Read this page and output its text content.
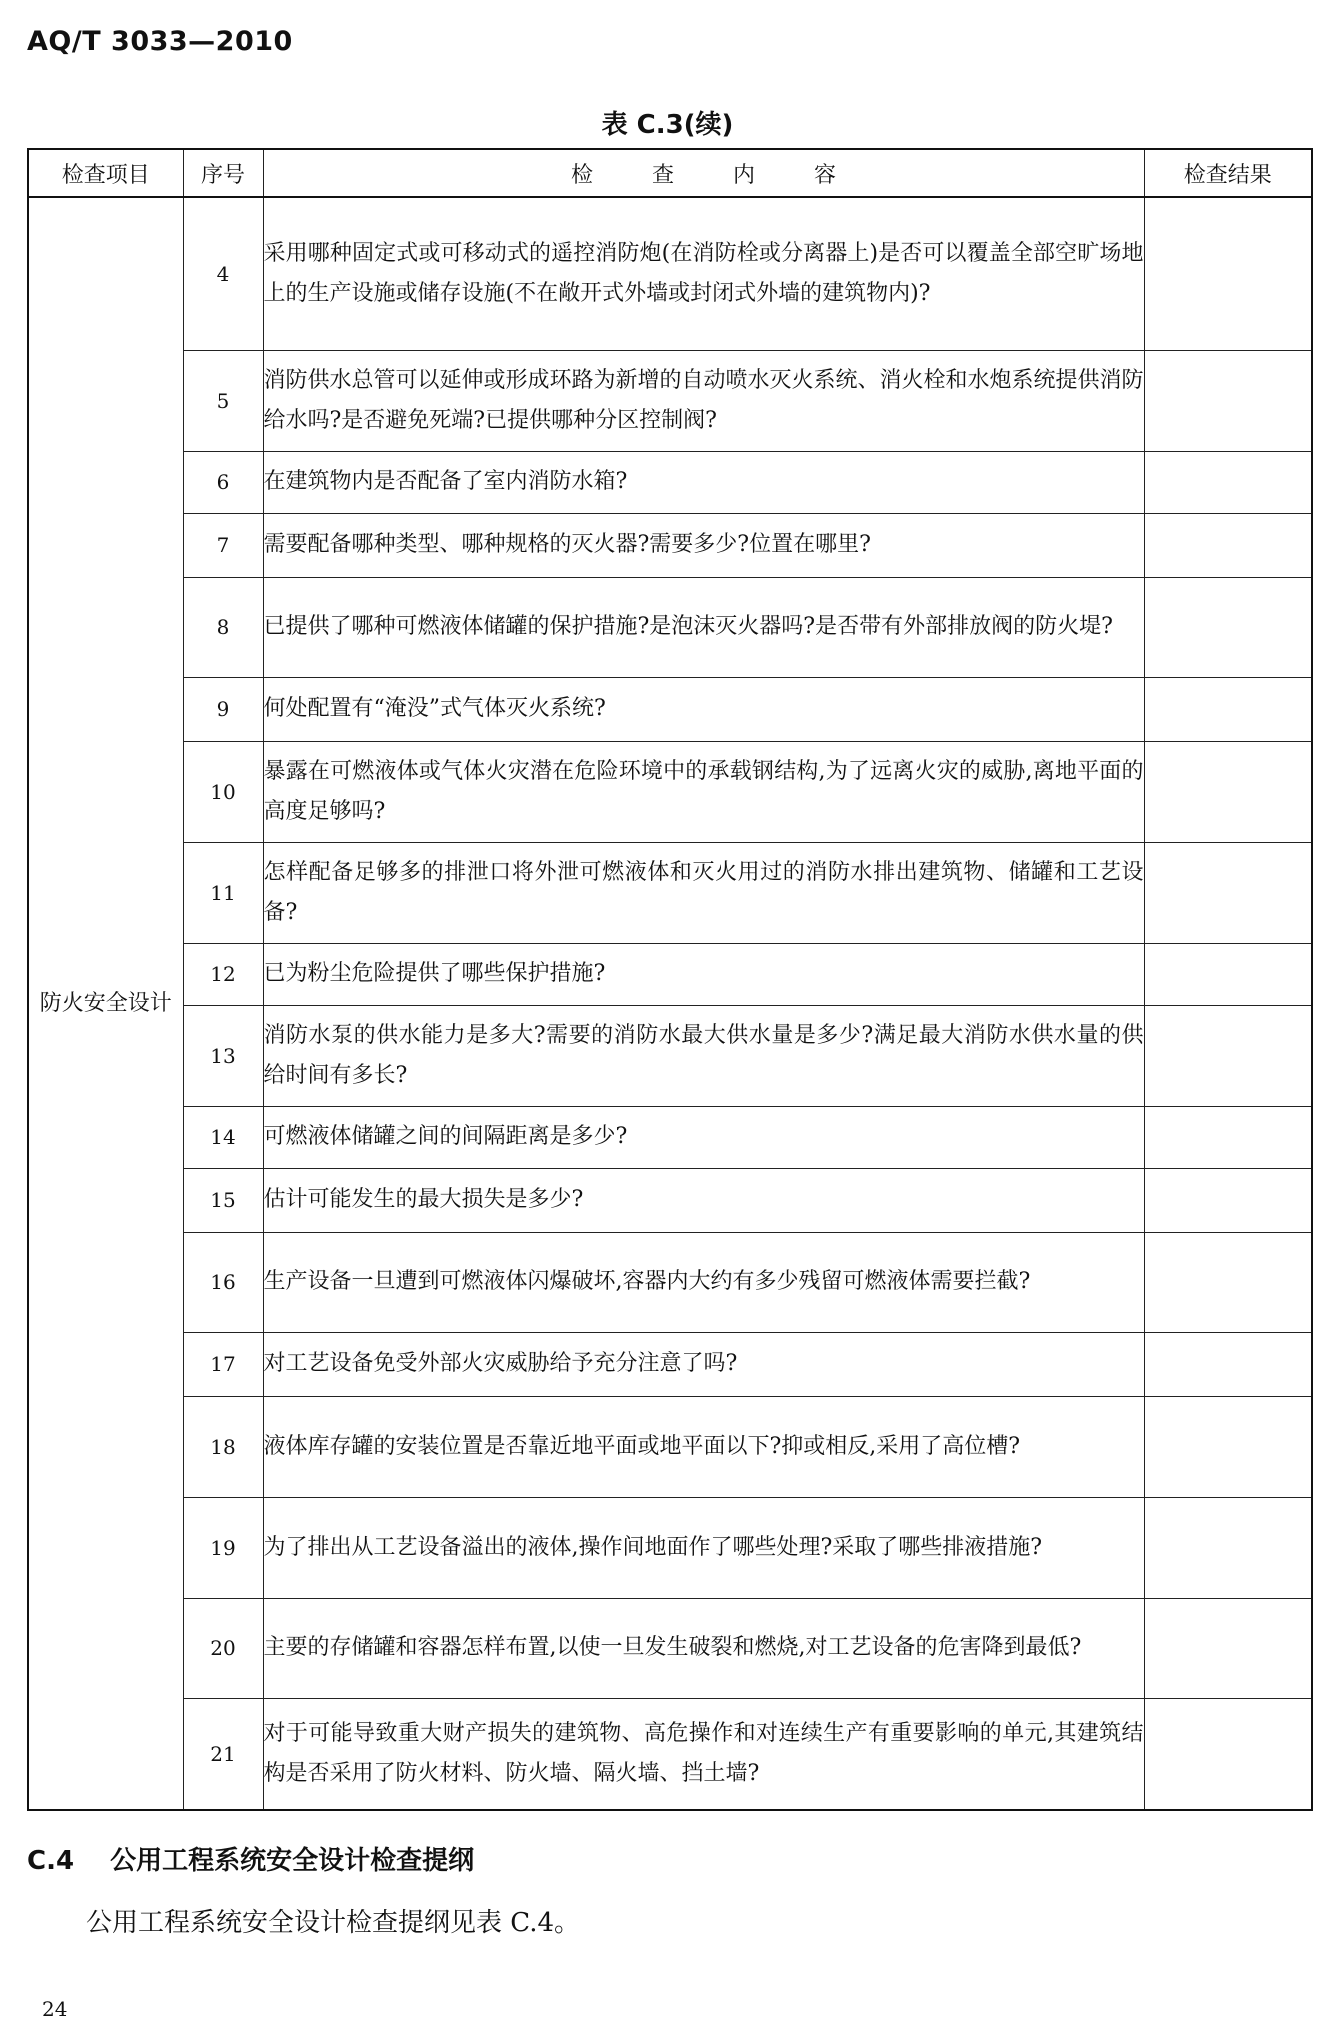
AQ/T 3033—2010
表 C.3(续)
检查项目	序号	检 查 内 容	检查结果
防火安全设计	4	采用哪种固定式或可移动式的遥控消防炮(在消防栓或分离器上)是否可以覆盖全部空旷场地上的生产设施或储存设施(不在敞开式外墙或封闭式外墙的建筑物内)?	
	5	消防供水总管可以延伸或形成环路为新增的自动喷水灭火系统、消火栓和水炮系统提供消防给水吗?是否避免死端?已提供哪种分区控制阀?	
	6	在建筑物内是否配备了室内消防水箱?	
	7	需要配备哪种类型、哪种规格的灭火器?需要多少?位置在哪里?	
	8	已提供了哪种可燃液体储罐的保护措施?是泡沫灭火器吗?是否带有外部排放阀的防火堤?	
	9	何处配置有“淹没”式气体灭火系统?	
	10	暴露在可燃液体或气体火灾潜在危险环境中的承载钢结构,为了远离火灾的威胁,离地平面的高度足够吗?	
	11	怎样配备足够多的排泄口将外泄可燃液体和灭火用过的消防水排出建筑物、储罐和工艺设备?	
	12	已为粉尘危险提供了哪些保护措施?	
	13	消防水泵的供水能力是多大?需要的消防水最大供水量是多少?满足最大消防水供水量的供给时间有多长?	
	14	可燃液体储罐之间的间隔距离是多少?	
	15	估计可能发生的最大损失是多少?	
	16	生产设备一旦遭到可燃液体闪爆破坏,容器内大约有多少残留可燃液体需要拦截?	
	17	对工艺设备免受外部火灾威胁给予充分注意了吗?	
	18	液体库存罐的安装位置是否靠近地平面或地平面以下?抑或相反,采用了高位槽?	
	19	为了排出从工艺设备溢出的液体,操作间地面作了哪些处理?采取了哪些排液措施?	
	20	主要的存储罐和容器怎样布置,以使一旦发生破裂和燃烧,对工艺设备的危害降到最低?	
	21	对于可能导致重大财产损失的建筑物、高危操作和对连续生产有重要影响的单元,其建筑结构是否采用了防火材料、防火墙、隔火墙、挡土墙?	
C.4 公用工程系统安全设计检查提纲
公用工程系统安全设计检查提纲见表 C.4。
24
